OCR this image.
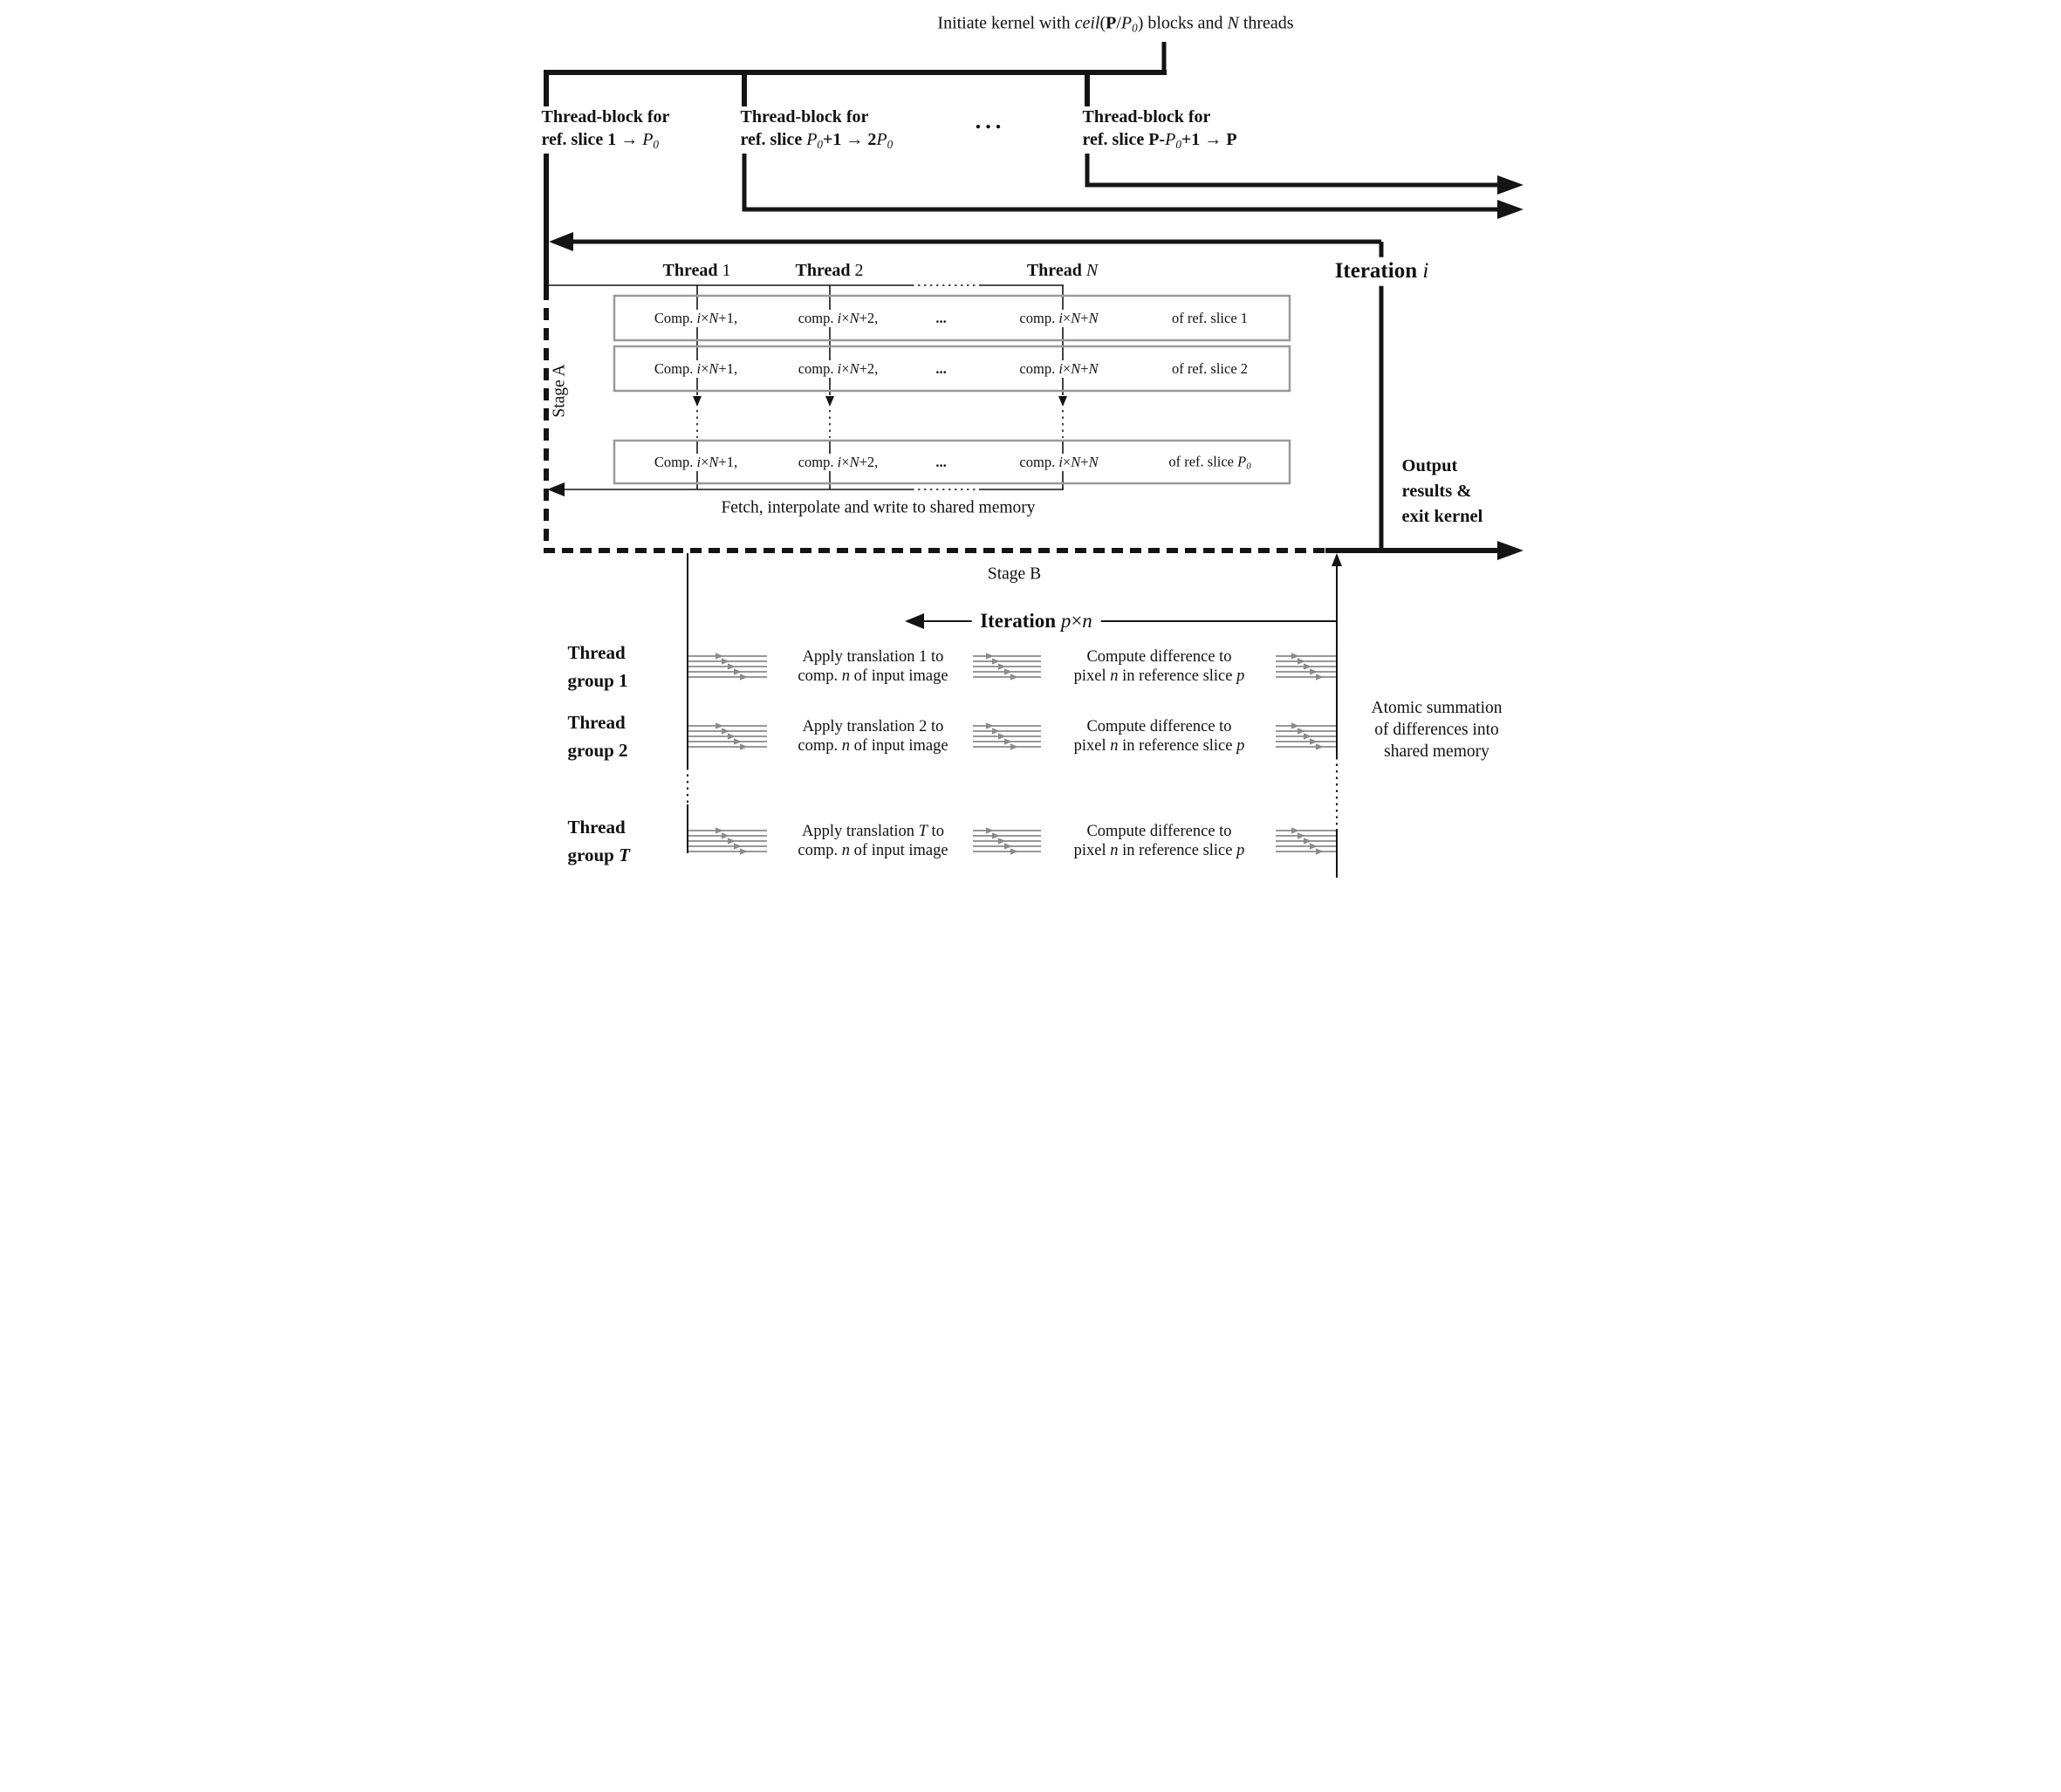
Initiate kernel with ceil(P/P0) blocks and N threads
Thread-block for
ref. slice 1 → P0
Thread-block for
ref. slice P0+1 → 2P0
•••
Thread-block for
ref. slice P-P0+1 → P
Iteration i
Thread 1	Thread 2	Thread N
Comp. i×N+1,	comp. i×N+2,	...	comp. i×N+N	of ref. slice 1
Comp. i×N+1,	comp. i×N+2,	...	comp. i×N+N	of ref. slice 2
Comp. i×N+1,	comp. i×N+2,	...	comp. i×N+N	of ref. slice P0
Fetch, interpolate and write to shared memory
Stage A
Output
results &
exit kernel
Stage B
Iteration p×n
Thread
group 1
Apply translation 1 to
comp. n of input image
Compute difference to
pixel n in reference slice p
Thread
group 2
Apply translation 2 to
comp. n of input image
Compute difference to
pixel n in reference slice p
Thread
group T
Apply translation T to
comp. n of input image
Compute difference to
pixel n in reference slice p
Atomic summation
of differences into
shared memory
